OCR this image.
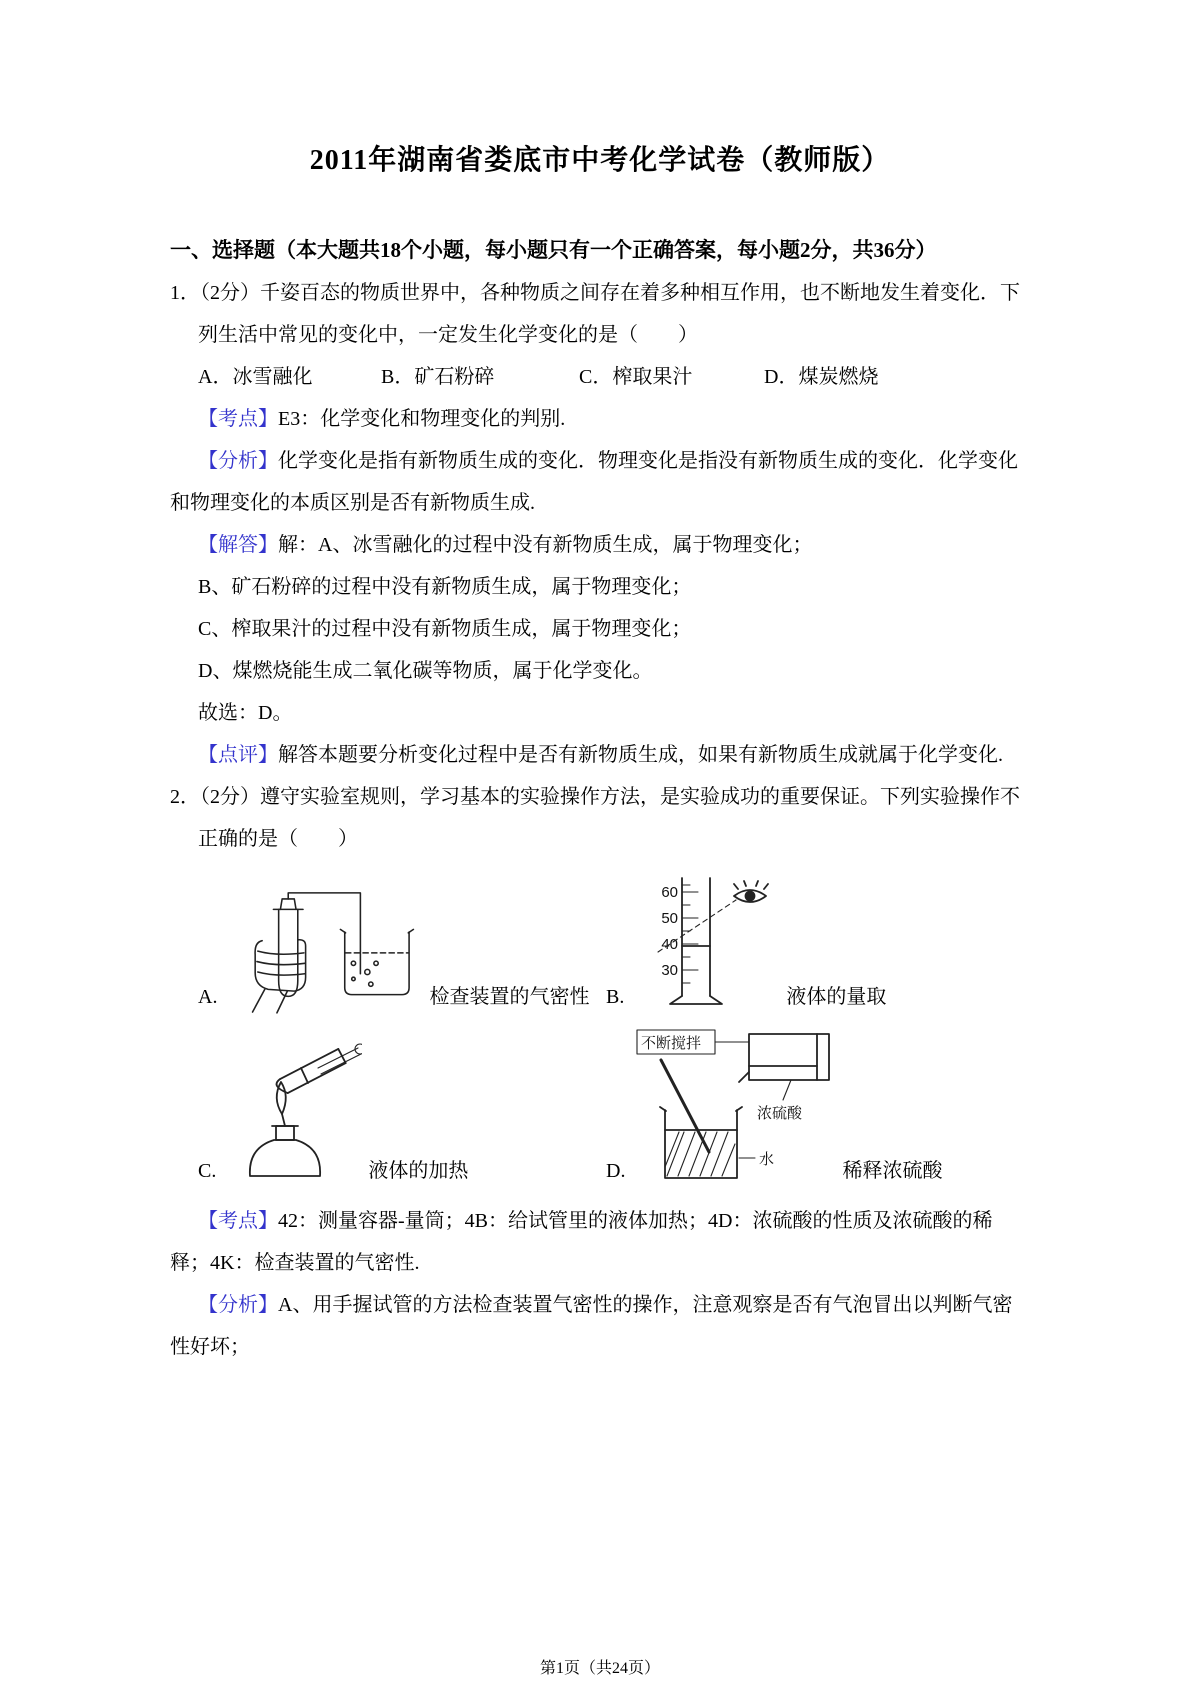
2011年湖南省娄底市中考化学试卷（教师版）
一、选择题（本大题共18个小题，每小题只有一个正确答案，每小题2分，共36分）

1．（2分）千姿百态的物质世界中，各种物质之间存在着多种相互作用，也不断地发生着变化．下列生活中常见的变化中，一定发生化学变化的是（　　）

A．冰雪融化	B．矿石粉碎	C．榨取果汁	D．煤炭燃烧

【考点】E3：化学变化和物理变化的判别.

【分析】化学变化是指有新物质生成的变化．物理变化是指没有新物质生成的变化．化学变化和物理变化的本质区别是否有新物质生成.

【解答】解：A、冰雪融化的过程中没有新物质生成，属于物理变化；

B、矿石粉碎的过程中没有新物质生成，属于物理变化；

C、榨取果汁的过程中没有新物质生成，属于物理变化；

D、煤燃烧能生成二氧化碳等物质，属于化学变化。

故选：D。

【点评】解答本题要分析变化过程中是否有新物质生成，如果有新物质生成就属于化学变化.

2．（2分）遵守实验室规则，学习基本的实验操作方法，是实验成功的重要保证。下列实验操作不正确的是（　　）

A.	检查装置的气密性 B.
60
50
40
30
液体的量取
C.	液体的加热	D.
不断搅拌
浓硫酸
水
稀释浓硫酸

【考点】42：测量容器‐量筒；4B：给试管里的液体加热；4D：浓硫酸的性质及浓硫酸的稀释；4K：检查装置的气密性.

【分析】A、用手握试管的方法检查装置气密性的操作，注意观察是否有气泡冒出以判断气密性好坏；

第1页（共24页）
